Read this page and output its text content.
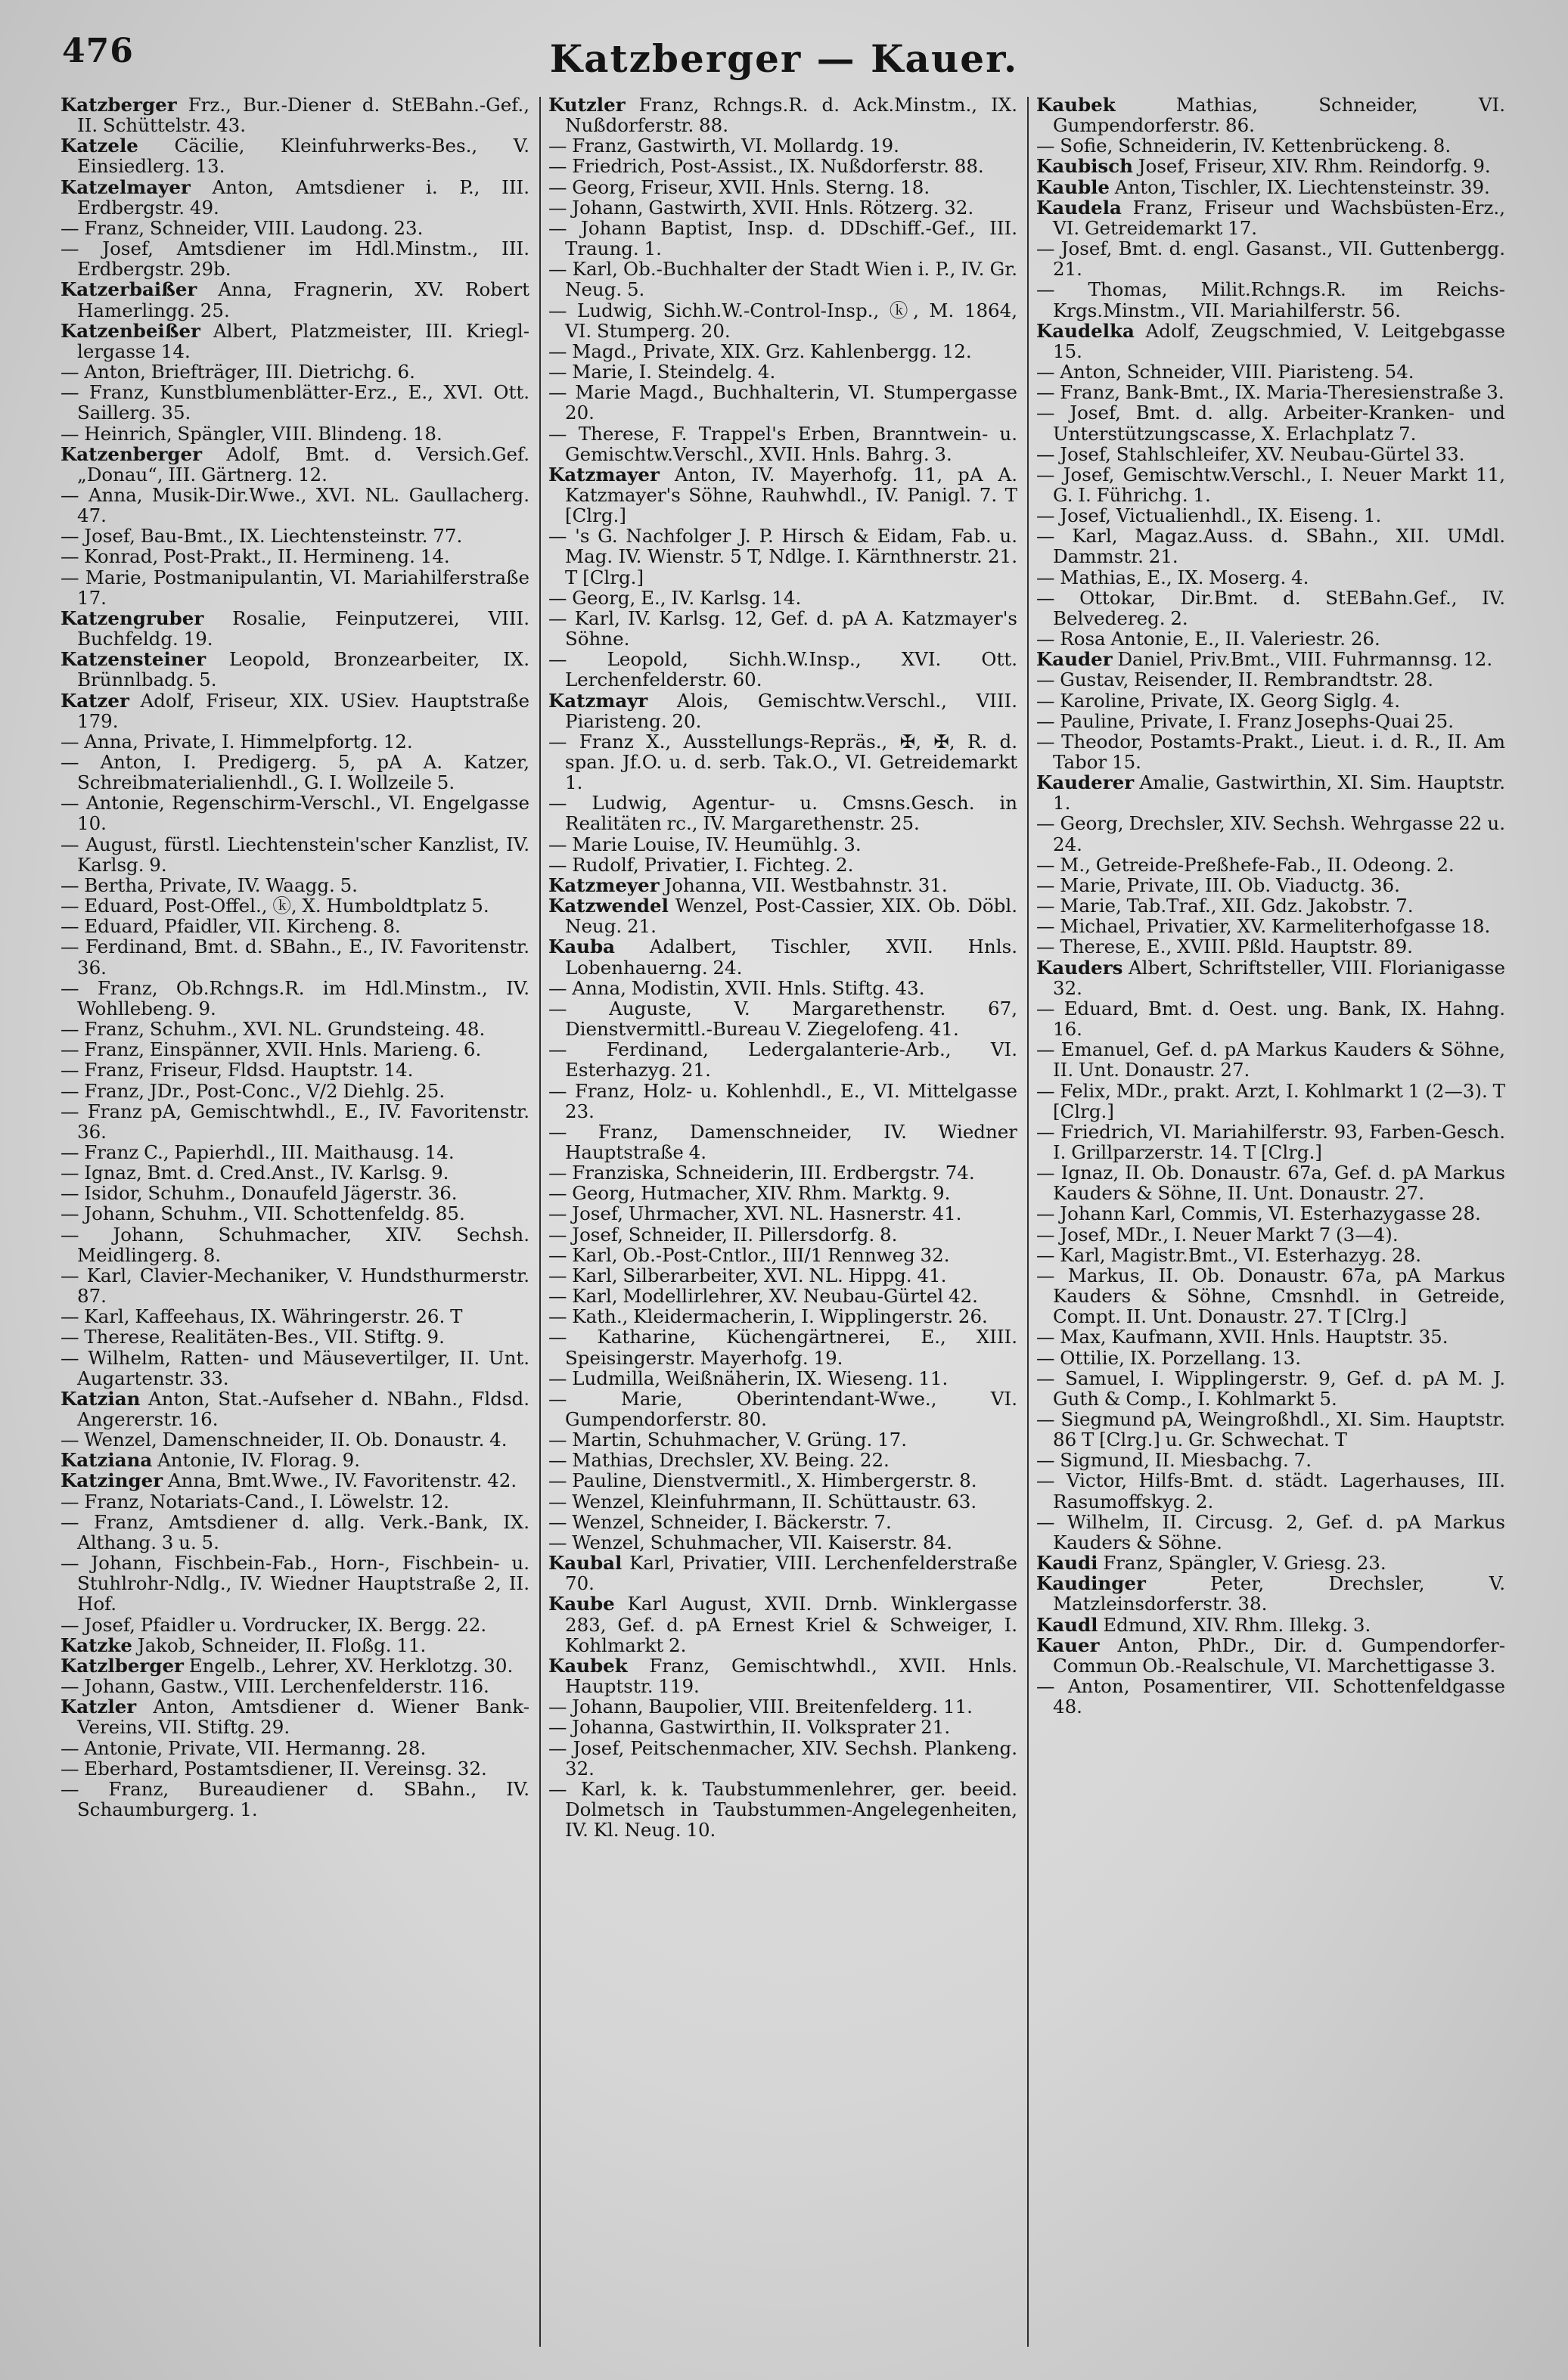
476	Katzberger — Kauer.
Katzberger Frz., Bur.-Diener d. StEBahn.-Gef., II. Schüttelstr. 43.
Katzele Cäcilie, Kleinfuhrwerks-Bes., V. Einsiedlerg. 13.
Katzelmayer Anton, Amtsdiener i. P., III. Erdbergstr. 49.
— Franz, Schneider, VIII. Laudong. 23.
— Josef, Amtsdiener im Hdl.Minstm., III. Erdbergstr. 29b.
Katzerbaißer Anna, Fragnerin, XV. Robert Hamerlingg. 25.
Katzenbeißer Albert, Platzmeister, III. Kriegl-lergasse 14.
— Anton, Briefträger, III. Dietrichg. 6.
— Franz, Kunstblumenblätter-Erz., E., XVI. Ott. Saillerg. 35.
— Heinrich, Spängler, VIII. Blindeng. 18.
Katzenberger Adolf, Bmt. d. Versich.Gef. „Donau“, III. Gärtnerg. 12.
— Anna, Musik-Dir.Wwe., XVI. NL. Gaullacherg. 47.
— Josef, Bau-Bmt., IX. Liechtensteinstr. 77.
— Konrad, Post-Prakt., II. Hermineng. 14.
— Marie, Postmanipulantin, VI. Mariahilferstraße 17.
Katzengruber Rosalie, Feinputzerei, VIII. Buchfeldg. 19.
Katzensteiner Leopold, Bronzearbeiter, IX. Brünnlbadg. 5.
Katzer Adolf, Friseur, XIX. USiev. Hauptstraße 179.
— Anna, Private, I. Himmelpfortg. 12.
— Anton, I. Predigerg. 5, pA A. Katzer, Schreibmaterialienhdl., G. I. Wollzeile 5.
— Antonie, Regenschirm-Verschl., VI. Engelgasse 10.
— August, fürstl. Liechtenstein'scher Kanzlist, IV. Karlsg. 9.
— Bertha, Private, IV. Waagg. 5.
— Eduard, Post-Offel., ⓚ, X. Humboldtplatz 5.
— Eduard, Pfaidler, VII. Kircheng. 8.
— Ferdinand, Bmt. d. SBahn., E., IV. Favoritenstr. 36.
— Franz, Ob.Rchngs.R. im Hdl.Minstm., IV. Wohllebeng. 9.
— Franz, Schuhm., XVI. NL. Grundsteing. 48.
— Franz, Einspänner, XVII. Hnls. Marieng. 6.
— Franz, Friseur, Fldsd. Hauptstr. 14.
— Franz, JDr., Post-Conc., V/2 Diehlg. 25.
— Franz pA, Gemischtwhdl., E., IV. Favoritenstr. 36.
— Franz C., Papierhdl., III. Maithausg. 14.
— Ignaz, Bmt. d. Cred.Anst., IV. Karlsg. 9.
— Isidor, Schuhm., Donaufeld Jägerstr. 36.
— Johann, Schuhm., VII. Schottenfeldg. 85.
— Johann, Schuhmacher, XIV. Sechsh. Meidlingerg. 8.
— Karl, Clavier-Mechaniker, V. Hundsthurmerstr. 87.
— Karl, Kaffeehaus, IX. Währingerstr. 26. T
— Therese, Realitäten-Bes., VII. Stiftg. 9.
— Wilhelm, Ratten- und Mäusevertilger, II. Unt. Augartenstr. 33.
Katzian Anton, Stat.-Aufseher d. NBahn., Fldsd. Angererstr. 16.
— Wenzel, Damenschneider, II. Ob. Donaustr. 4.
Katziana Antonie, IV. Florag. 9.
Katzinger Anna, Bmt.Wwe., IV. Favoritenstr. 42.
— Franz, Notariats-Cand., I. Löwelstr. 12.
— Franz, Amtsdiener d. allg. Verk.-Bank, IX. Althang. 3 u. 5.
— Johann, Fischbein-Fab., Horn-, Fischbein- u. Stuhlrohr-Ndlg., IV. Wiedner Hauptstraße 2, II. Hof.
— Josef, Pfaidler u. Vordrucker, IX. Bergg. 22.
Katzke Jakob, Schneider, II. Floßg. 11.
Katzlberger Engelb., Lehrer, XV. Herklotzg. 30.
— Johann, Gastw., VIII. Lerchenfelderstr. 116.
Katzler Anton, Amtsdiener d. Wiener Bank-Vereins, VII. Stiftg. 29.
— Antonie, Private, VII. Hermanng. 28.
— Eberhard, Postamtsdiener, II. Vereinsg. 32.
— Franz, Bureaudiener d. SBahn., IV. Schaumburgerg. 1.
Kutzler Franz, Rchngs.R. d. Ack.Minstm., IX. Nußdorferstr. 88.
— Franz, Gastwirth, VI. Mollardg. 19.
— Friedrich, Post-Assist., IX. Nußdorferstr. 88.
— Georg, Friseur, XVII. Hnls. Sterng. 18.
— Johann, Gastwirth, XVII. Hnls. Rötzerg. 32.
— Johann Baptist, Insp. d. DDschiff.-Gef., III. Traung. 1.
— Karl, Ob.-Buchhalter der Stadt Wien i. P., IV. Gr. Neug. 5.
— Ludwig, Sichh.W.-Control-Insp., ⓚ, M. 1864, VI. Stumperg. 20.
— Magd., Private, XIX. Grz. Kahlenbergg. 12.
— Marie, I. Steindelg. 4.
— Marie Magd., Buchhalterin, VI. Stumpergasse 20.
— Therese, F. Trappel's Erben, Branntwein- u. Gemischtw.Verschl., XVII. Hnls. Bahrg. 3.
Katzmayer Anton, IV. Mayerhofg. 11, pA A. Katzmayer's Söhne, Rauhwhdl., IV. Panigl. 7. T [Clrg.]
— 's G. Nachfolger J. P. Hirsch & Eidam, Fab. u. Mag. IV. Wienstr. 5 T, Ndlge. I. Kärnthnerstr. 21. T [Clrg.]
— Georg, E., IV. Karlsg. 14.
— Karl, IV. Karlsg. 12, Gef. d. pA A. Katzmayer's Söhne.
— Leopold, Sichh.W.Insp., XVI. Ott. Lerchenfelderstr. 60.
Katzmayr Alois, Gemischtw.Verschl., VIII. Piaristeng. 20.
— Franz X., Ausstellungs-Repräs., ✠, ✠, R. d. span. Jf.O. u. d. serb. Tak.O., VI. Getreidemarkt 1.
— Ludwig, Agentur- u. Cmsns.Gesch. in Realitäten rc., IV. Margarethenstr. 25.
— Marie Louise, IV. Heumühlg. 3.
— Rudolf, Privatier, I. Fichteg. 2.
Katzmeyer Johanna, VII. Westbahnstr. 31.
Katzwendel Wenzel, Post-Cassier, XIX. Ob. Döbl. Neug. 21.
Kauba Adalbert, Tischler, XVII. Hnls. Lobenhauerng. 24.
— Anna, Modistin, XVII. Hnls. Stiftg. 43.
— Auguste, V. Margarethenstr. 67, Dienstvermittl.-Bureau V. Ziegelofeng. 41.
— Ferdinand, Ledergalanterie-Arb., VI. Esterhazyg. 21.
— Franz, Holz- u. Kohlenhdl., E., VI. Mittelgasse 23.
— Franz, Damenschneider, IV. Wiedner Hauptstraße 4.
— Franziska, Schneiderin, III. Erdbergstr. 74.
— Georg, Hutmacher, XIV. Rhm. Marktg. 9.
— Josef, Uhrmacher, XVI. NL. Hasnerstr. 41.
— Josef, Schneider, II. Pillersdorfg. 8.
— Karl, Ob.-Post-Cntlor., III/1 Rennweg 32.
— Karl, Silberarbeiter, XVI. NL. Hippg. 41.
— Karl, Modellirlehrer, XV. Neubau-Gürtel 42.
— Kath., Kleidermacherin, I. Wipplingerstr. 26.
— Katharine, Küchengärtnerei, E., XIII. Speisingerstr. Mayerhofg. 19.
— Ludmilla, Weißnäherin, IX. Wieseng. 11.
— Marie, Oberintendant-Wwe., VI. Gumpendorferstr. 80.
— Martin, Schuhmacher, V. Grüng. 17.
— Mathias, Drechsler, XV. Being. 22.
— Pauline, Dienstvermitl., X. Himbergerstr. 8.
— Wenzel, Kleinfuhrmann, II. Schüttaustr. 63.
— Wenzel, Schneider, I. Bäckerstr. 7.
— Wenzel, Schuhmacher, VII. Kaiserstr. 84.
Kaubal Karl, Privatier, VIII. Lerchenfelderstraße 70.
Kaube Karl August, XVII. Drnb. Winklergasse 283, Gef. d. pA Ernest Kriel & Schweiger, I. Kohlmarkt 2.
Kaubek Franz, Gemischtwhdl., XVII. Hnls. Hauptstr. 119.
— Johann, Baupolier, VIII. Breitenfelderg. 11.
— Johanna, Gastwirthin, II. Volksprater 21.
— Josef, Peitschenmacher, XIV. Sechsh. Plankeng. 32.
— Karl, k. k. Taubstummenlehrer, ger. beeid. Dolmetsch in Taubstummen-Angelegenheiten, IV. Kl. Neug. 10.
Kaubek Mathias, Schneider, VI. Gumpendorferstr. 86.
— Sofie, Schneiderin, IV. Kettenbrückeng. 8.
Kaubisch Josef, Friseur, XIV. Rhm. Reindorfg. 9.
Kauble Anton, Tischler, IX. Liechtensteinstr. 39.
Kaudela Franz, Friseur und Wachsbüsten-Erz., VI. Getreidemarkt 17.
— Josef, Bmt. d. engl. Gasanst., VII. Guttenbergg. 21.
— Thomas, Milit.Rchngs.R. im Reichs-Krgs.Minstm., VII. Mariahilferstr. 56.
Kaudelka Adolf, Zeugschmied, V. Leitgebgasse 15.
— Anton, Schneider, VIII. Piaristeng. 54.
— Franz, Bank-Bmt., IX. Maria-Theresienstraße 3.
— Josef, Bmt. d. allg. Arbeiter-Kranken- und Unterstützungscasse, X. Erlachplatz 7.
— Josef, Stahlschleifer, XV. Neubau-Gürtel 33.
— Josef, Gemischtw.Verschl., I. Neuer Markt 11, G. I. Führichg. 1.
— Josef, Victualienhdl., IX. Eiseng. 1.
— Karl, Magaz.Auss. d. SBahn., XII. UMdl. Dammstr. 21.
— Mathias, E., IX. Moserg. 4.
— Ottokar, Dir.Bmt. d. StEBahn.Gef., IV. Belvedereg. 2.
— Rosa Antonie, E., II. Valeriestr. 26.
Kauder Daniel, Priv.Bmt., VIII. Fuhrmannsg. 12.
— Gustav, Reisender, II. Rembrandtstr. 28.
— Karoline, Private, IX. Georg Siglg. 4.
— Pauline, Private, I. Franz Josephs-Quai 25.
— Theodor, Postamts-Prakt., Lieut. i. d. R., II. Am Tabor 15.
Kauderer Amalie, Gastwirthin, XI. Sim. Hauptstr. 1.
— Georg, Drechsler, XIV. Sechsh. Wehrgasse 22 u. 24.
— M., Getreide-Preßhefe-Fab., II. Odeong. 2.
— Marie, Private, III. Ob. Viaductg. 36.
— Marie, Tab.Traf., XII. Gdz. Jakobstr. 7.
— Michael, Privatier, XV. Karmeliterhofgasse 18.
— Therese, E., XVIII. Pßld. Hauptstr. 89.
Kauders Albert, Schriftsteller, VIII. Florianigasse 32.
— Eduard, Bmt. d. Oest. ung. Bank, IX. Hahng. 16.
— Emanuel, Gef. d. pA Markus Kauders & Söhne, II. Unt. Donaustr. 27.
— Felix, MDr., prakt. Arzt, I. Kohlmarkt 1 (2—3). T [Clrg.]
— Friedrich, VI. Mariahilferstr. 93, Farben-Gesch. I. Grillparzerstr. 14. T [Clrg.]
— Ignaz, II. Ob. Donaustr. 67a, Gef. d. pA Markus Kauders & Söhne, II. Unt. Donaustr. 27.
— Johann Karl, Commis, VI. Esterhazygasse 28.
— Josef, MDr., I. Neuer Markt 7 (3—4).
— Karl, Magistr.Bmt., VI. Esterhazyg. 28.
— Markus, II. Ob. Donaustr. 67a, pA Markus Kauders & Söhne, Cmsnhdl. in Getreide, Compt. II. Unt. Donaustr. 27. T [Clrg.]
— Max, Kaufmann, XVII. Hnls. Hauptstr. 35.
— Ottilie, IX. Porzellang. 13.
— Samuel, I. Wipplingerstr. 9, Gef. d. pA M. J. Guth & Comp., I. Kohlmarkt 5.
— Siegmund pA, Weingroßhdl., XI. Sim. Hauptstr. 86 T [Clrg.] u. Gr. Schwechat. T
— Sigmund, II. Miesbachg. 7.
— Victor, Hilfs-Bmt. d. städt. Lagerhauses, III. Rasumoffskyg. 2.
— Wilhelm, II. Circusg. 2, Gef. d. pA Markus Kauders & Söhne.
Kaudi Franz, Spängler, V. Griesg. 23.
Kaudinger Peter, Drechsler, V. Matzleinsdorferstr. 38.
Kaudl Edmund, XIV. Rhm. Illekg. 3.
Kauer Anton, PhDr., Dir. d. Gumpendorfer-Commun Ob.-Realschule, VI. Marchettigasse 3.
— Anton, Posamentirer, VII. Schottenfeldgasse 48.
